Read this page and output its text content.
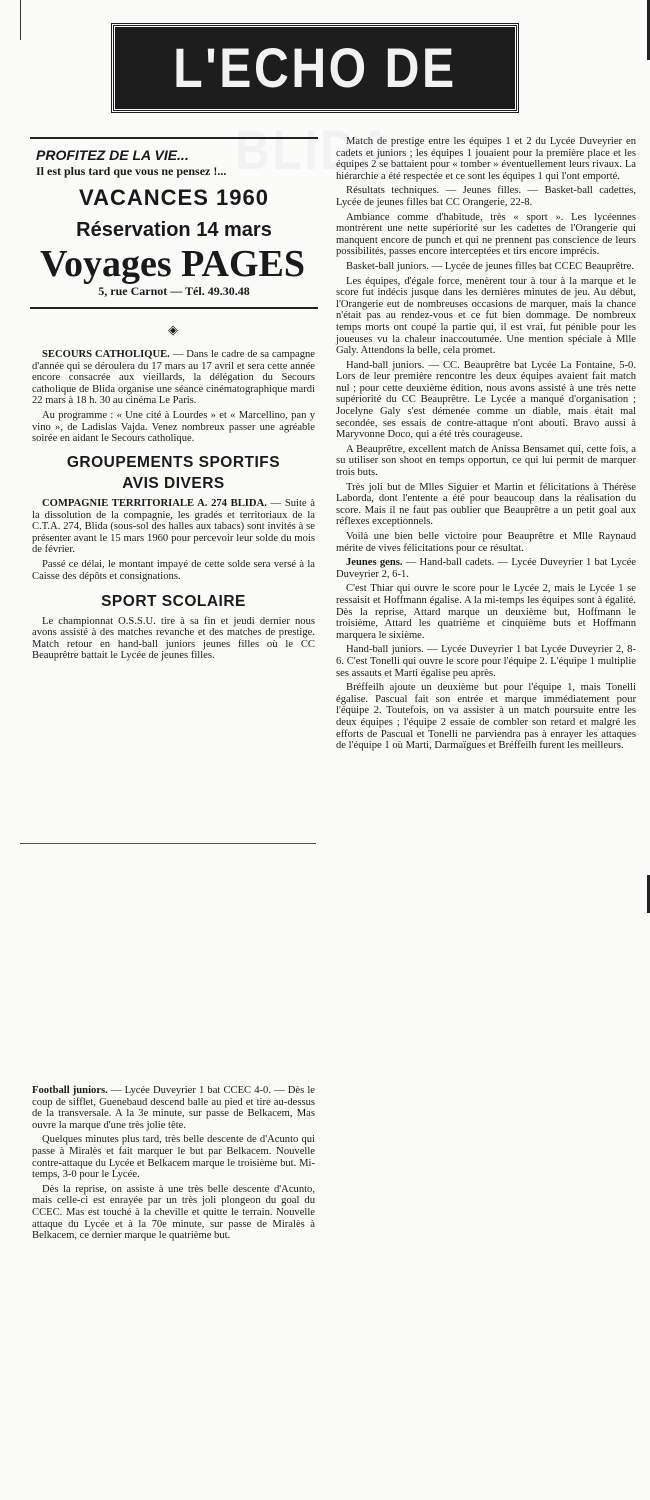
L'ECHO DE BLIDA
PROFITEZ DE LA VIE...
Il est plus tard que vous ne pensez !...
VACANCES 1960
Réservation 14 mars
Voyages PAGES
5, rue Carnot — Tél. 49.30.48
◈

SECOURS CATHOLIQUE. — Dans le cadre de sa campagne d'année qui se déroulera du 17 mars au 17 avril et sera cette année encore consacrée aux vieillards, la délégation du Secours catholique de Blida organise une séance cinématographique mardi 22 mars à 18 h. 30 au cinéma Le Paris.

Au programme : « Une cité à Lourdes » et « Marcellino, pan y vino », de Ladislas Vajda. Venez nombreux passer une agréable soirée en aidant le Secours catholique.

GROUPEMENTS SPORTIFS
AVIS DIVERS

COMPAGNIE TERRITORIALE A. 274 BLIDA. — Suite à la dissolution de la compagnie, les gradés et territoriaux de la C.T.A. 274, Blida (sous-sol des halles aux tabacs) sont invités à se présenter avant le 15 mars 1960 pour percevoir leur solde du mois de février.

Passé ce délai, le montant impayé de cette solde sera versé à la Caisse des dépôts et consignations.

SPORT SCOLAIRE

Le championnat O.S.S.U. tire à sa fin et jeudi dernier nous avons assisté à des matches revanche et des matches de prestige. Match retour en hand-ball juniors jeunes filles où le CC Beauprêtre battait le Lycée de jeunes filles.

Football juniors. — Lycée Duveyrier 1 bat CCEC 4-0. — Dès le coup de sifflet, Guenebaud descend balle au pied et tire au-dessus de la transversale. A la 3e minute, sur passe de Belkacem, Mas ouvre la marque d'une très jolie tête.

Quelques minutes plus tard, très belle descente de d'Acunto qui passe à Miralès et fait marquer le but par Belkacem. Nouvelle contre-attaque du Lycée et Belkacem marque le troisième but. Mi-temps, 3-0 pour le Lycée.

Dès la reprise, on assiste à une très belle descente d'Acunto, mais celle-ci est enrayée par un très joli plongeon du goal du CCEC. Mas est touché à la cheville et quitte le terrain. Nouvelle attaque du Lycée et à la 70e minute, sur passe de Miralès à Belkacem, ce dernier marque le quatrième but.

Match de prestige entre les équipes 1 et 2 du Lycée Duveyrier en cadets et juniors ; les équipes 1 jouaient pour la première place et les équipes 2 se battaient pour « tomber » éventuellement leurs rivaux. La hiérarchie a été respectée et ce sont les équipes 1 qui l'ont emporté.

Résultats techniques. — Jeunes filles. — Basket-ball cadettes, Lycée de jeunes filles bat CC Orangerie, 22-8.

Ambiance comme d'habitude, très « sport ». Les lycéennes montrèrent une nette supériorité sur les cadettes de l'Orangerie qui manquent encore de punch et qui ne prennent pas conscience de leurs possibilités, passes encore interceptées et tirs encore imprécis.

Basket-ball juniors. — Lycée de jeunes filles bat CCEC Beauprêtre.

Les équipes, d'égale force, menèrent tour à tour à la marque et le score fut indécis jusque dans les dernières minutes de jeu. Au début, l'Orangerie eut de nombreuses occasions de marquer, mais la chance n'était pas au rendez-vous et ce fut bien dommage. De nombreux temps morts ont coupé la partie qui, il est vrai, fut pénible pour les joueuses vu la chaleur inaccoutumée. Une mention spéciale à Mlle Galy. Attendons la belle, cela promet.

Hand-ball juniors. — CC. Beauprêtre bat Lycée La Fontaine, 5-0. Lors de leur première rencontre les deux équipes avaient fait match nul ; pour cette deuxième édition, nous avons assisté à une très nette supériorité du CC Beauprêtre. Le Lycée a manqué d'organisation ; Jocelyne Galy s'est démenée comme un diable, mais était mal secondée, ses essais de contre-attaque n'ont abouti. Bravo aussi à Maryvonne Doco, qui a été très courageuse.

A Beauprêtre, excellent match de Anissa Bensamet qui, cette fois, a su utiliser son shoot en temps opportun, ce qui lui permit de marquer trois buts.

Très joli but de Mlles Siguier et Martin et félicitations à Thérèse Laborda, dont l'entente a été pour beaucoup dans la réalisation du score. Mais il ne faut pas oublier que Beauprêtre a un petit goal aux réflexes exceptionnels.

Voilà une bien belle victoire pour Beauprêtre et Mlle Raynaud mérite de vives félicitations pour ce résultat.

Jeunes gens. — Hand-ball cadets. — Lycée Duveyrier 1 bat Lycée Duveyrier 2, 6-1.

C'est Thiar qui ouvre le score pour le Lycée 2, mais le Lycée 1 se ressaisit et Hoffmann égalise. A la mi-temps les équipes sont à égalité. Dès la reprise, Attard marque un deuxième but, Hoffmann le troisième, Attard les quatrième et cinquième buts et Hoffmann marquera le sixième.

Hand-ball juniors. — Lycée Duveyrier 1 bat Lycée Duveyrier 2, 8-6. C'est Tonelli qui ouvre le score pour l'équipe 2. L'équipe 1 multiplie ses assauts et Marti égalise peu après.

Bréffeilh ajoute un deuxième but pour l'équipe 1, mais Tonelli égalise. Pascual fait son entrée et marque immédiatement pour l'équipe 2. Toutefois, on va assister à un match poursuite entre les deux équipes ; l'équipe 2 essaie de combler son retard et malgré les efforts de Pascual et Tonelli ne parviendra pas à enrayer les attaques de l'équipe 1 où Marti, Darmaïgues et Bréffeilh furent les meilleurs.
